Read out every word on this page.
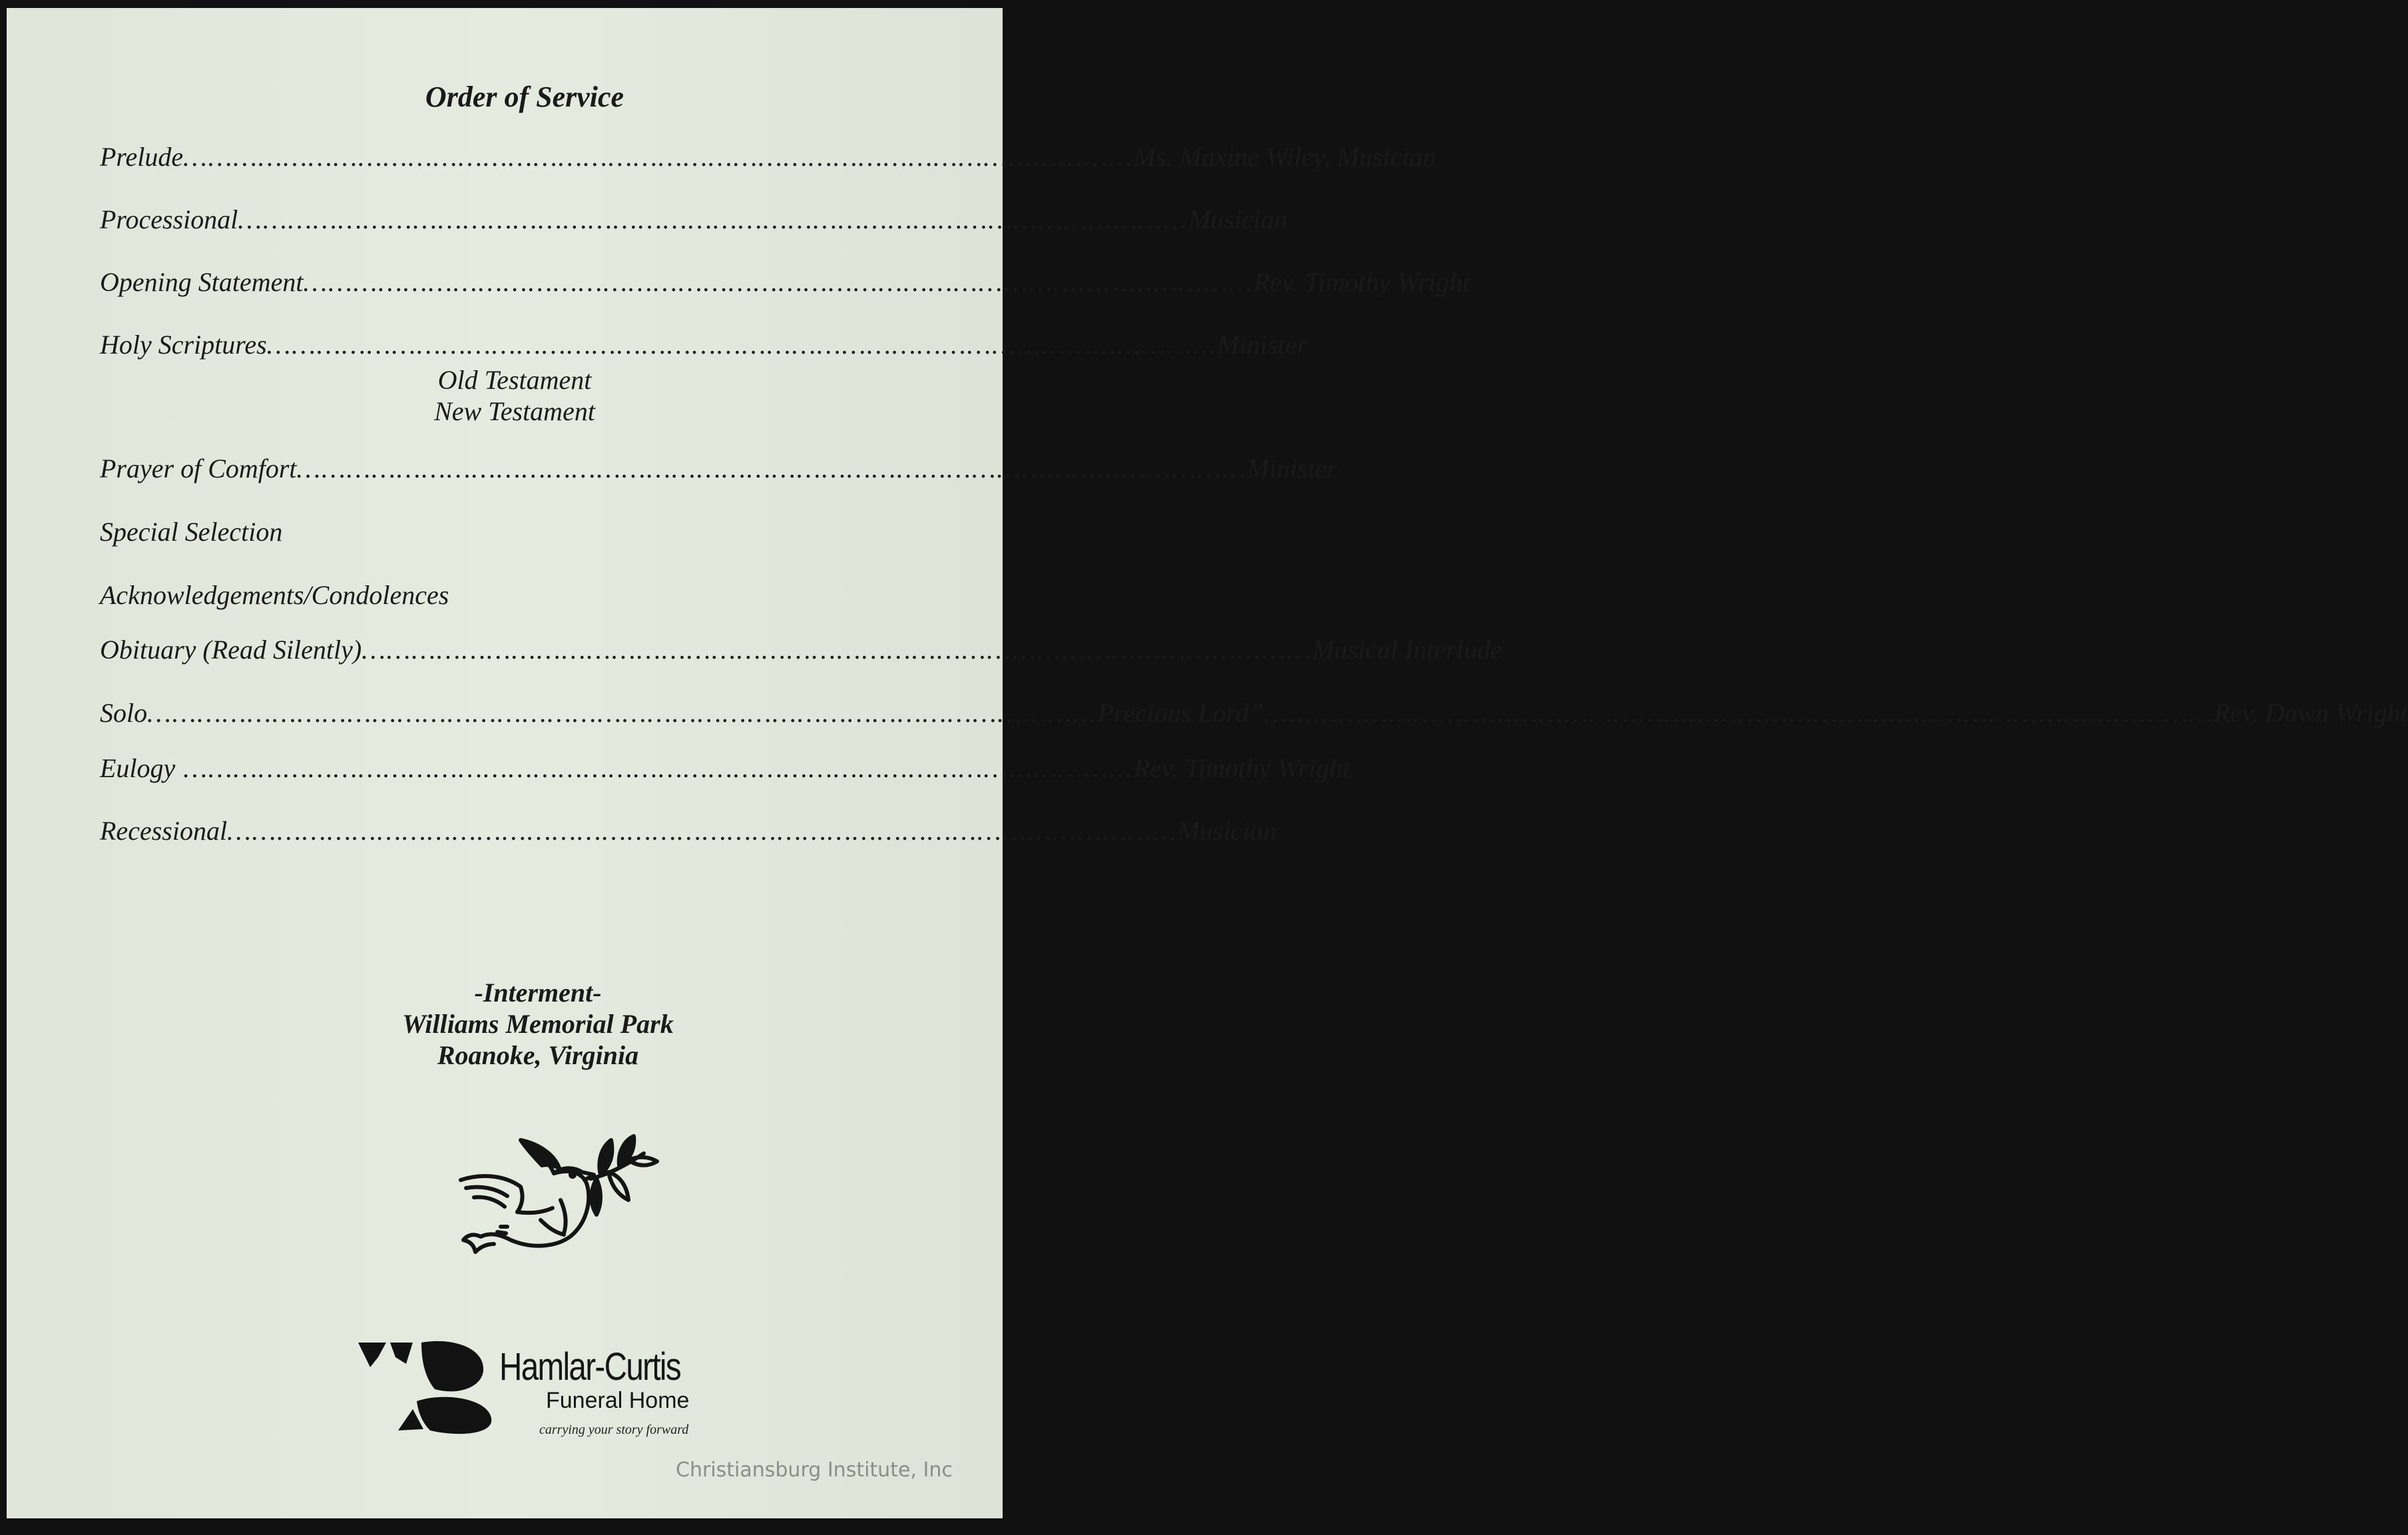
Order of Service
Prelude …………………………………………………………………………………………………… Ms. Maxine Wiley, Musician
Processional …………………………………………………………………………………………………… Musician
Opening Statement …………………………………………………………………………………………………… Rev. Timothy Wright
Holy Scriptures …………………………………………………………………………………………………… Minister
Old Testament
New Testament
Prayer of Comfort …………………………………………………………………………………………………… Minister
Special Selection
Acknowledgements/Condolences
Obituary (Read Silently) …………………………………………………………………………………………………… Musical Interlude
Solo …………………………………………………………………………………………………… Precious Lord” …………………………………………………………………………………………………… Rev. Dawn Wright
Eulogy …………………………………………………………………………………………………… Rev. Timothy Wright
Recessional …………………………………………………………………………………………………… Musician
-Interment-
Williams Memorial Park
Roanoke, Virginia
Hamlar-Curtis
Funeral Home
carrying your story forward
Christiansburg Institute, Inc
